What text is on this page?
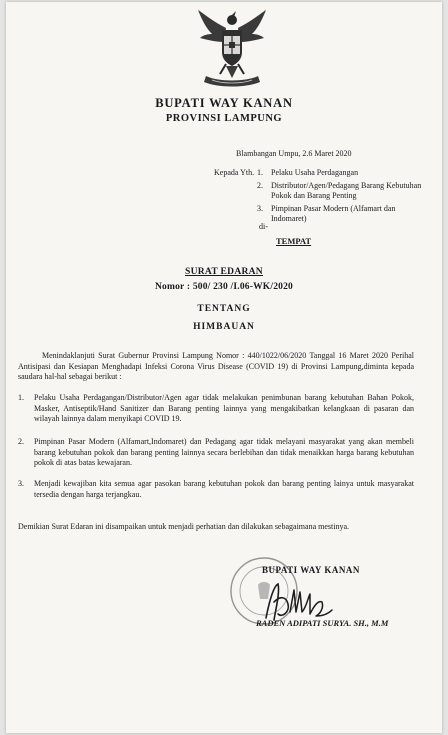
BUPATI WAY KANAN
PROVINSI LAMPUNG
Blambangan Umpu, 2.6 Maret 2020
Kepada Yth. 1. Pelaku Usaha Perdagangan
2. Distributor/Agen/Pedagang Barang Kebutuhan Pokok dan Barang Penting
3. Pimpinan Pasar Modern (Alfamart dan Indomaret)
di-
TEMPAT
SURAT EDARAN
Nomor : 500/ 230 /I.06-WK/2020
TENTANG
HIMBAUAN
Menindaklanjuti Surat Gubernur Provinsi Lampung Nomor : 440/1022/06/2020 Tanggal 16 Maret 2020 Perihal Antisipasi dan Kesiapan Menghadapi Infeksi Corona Virus Disease (COVID 19) di Provinsi Lampung,diminta kepada saudara hal-hal sebagai berikut :
1. Pelaku Usaha Perdagangan/Distributor/Agen agar tidak melakukan penimbunan barang kebutuhan Bahan Pokok, Masker, Antiseptik/Hand Sanitizer dan Barang penting lainnya yang mengakibatkan kelangkaan di pasaran dan wilayah lainnya dalam menyikapi COVID 19.
2. Pimpinan Pasar Modern (Alfamart,Indomaret) dan Pedagang agar tidak melayani masyarakat yang akan membeli barang kebutuhan pokok dan barang penting lainnya secara berlebihan dan tidak menaikkan harga barang kebutuhan pokok di atas batas kewajaran.
3. Menjadi kewajiban kita semua agar pasokan barang kebutuhan pokok dan barang penting lainya untuk masyarakat tersedia dengan harga terjangkau.
Demikian Surat Edaran ini disampaikan untuk menjadi perhatian dan dilakukan sebagaimana mestinya.
BUPATI WAY KANAN
RADEN ADIPATI SURYA. SH., M.M
